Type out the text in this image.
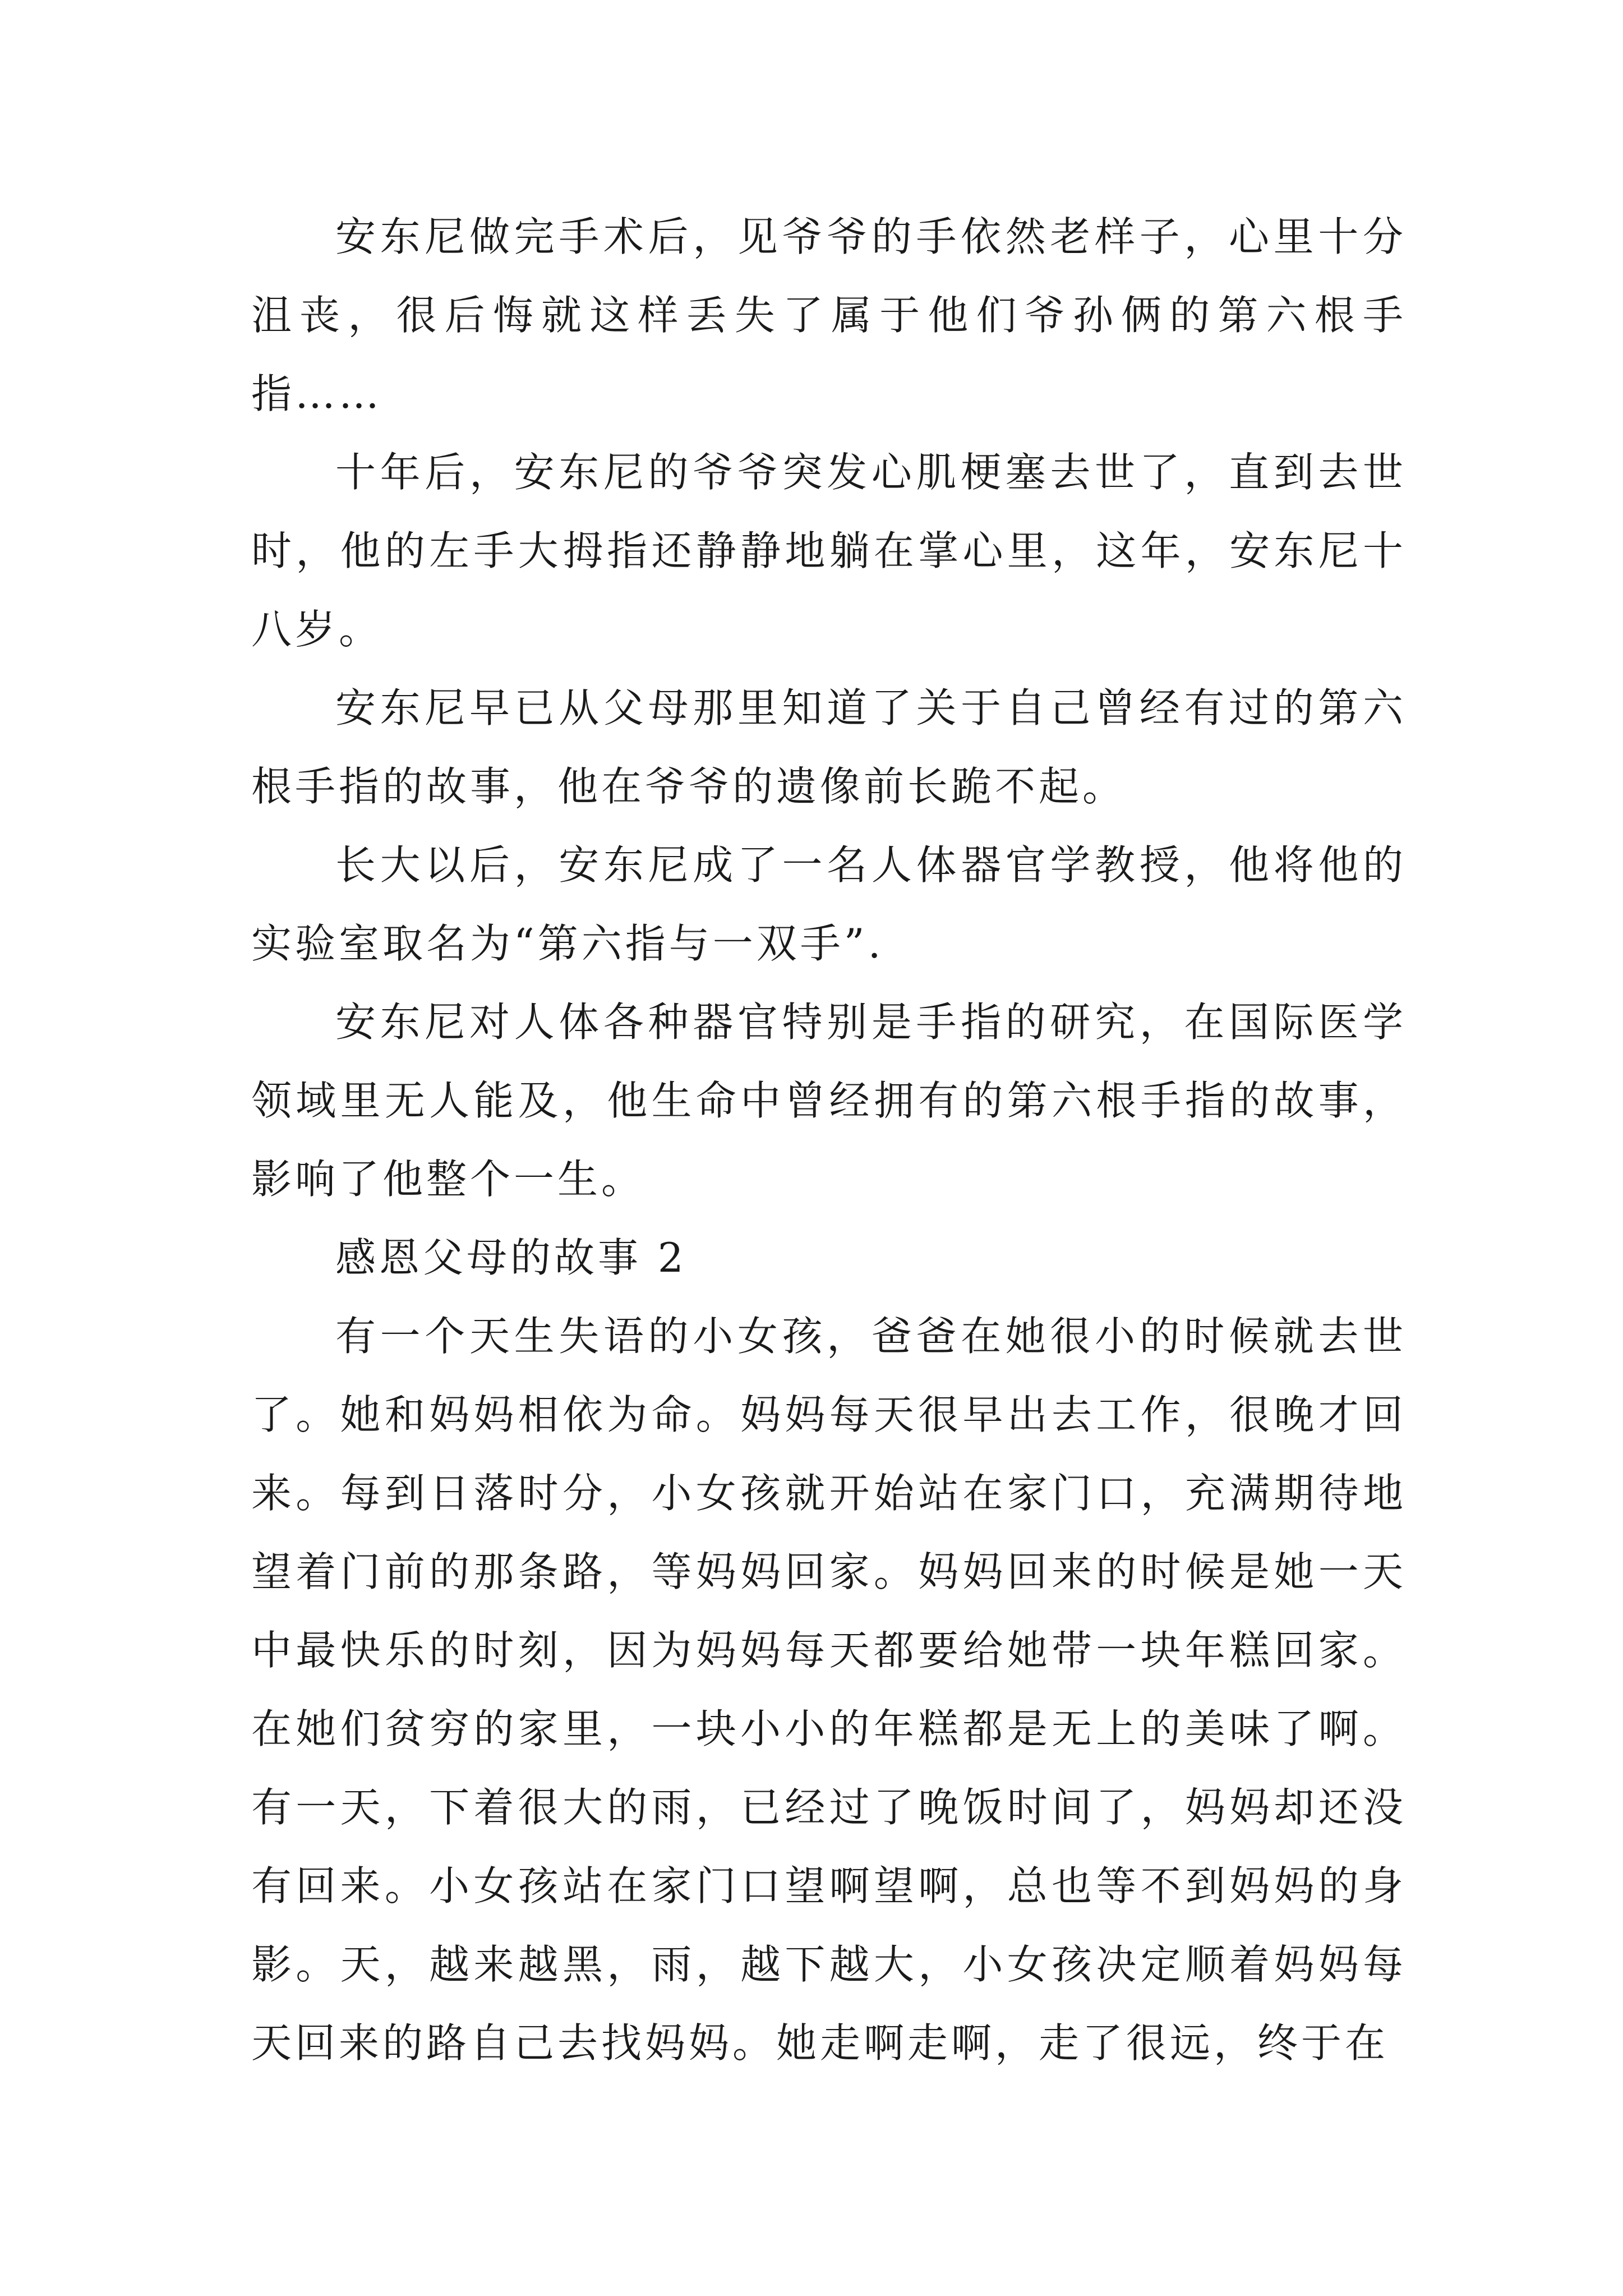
安东尼做完手术后，见爷爷的手依然老样子，心里十分沮丧，很后悔就这样丢失了属于他们爷孙俩的第六根手指……

十年后，安东尼的爷爷突发心肌梗塞去世了，直到去世时，他的左手大拇指还静静地躺在掌心里，这年，安东尼十八岁。

安东尼早已从父母那里知道了关于自己曾经有过的第六根手指的故事，他在爷爷的遗像前长跪不起。

长大以后，安东尼成了一名人体器官学教授，他将他的实验室取名为“第六指与一双手”.

安东尼对人体各种器官特别是手指的研究，在国际医学领域里无人能及，他生命中曾经拥有的第六根手指的故事，影响了他整个一生。

感恩父母的故事 2

有一个天生失语的小女孩，爸爸在她很小的时候就去世了。她和妈妈相依为命。妈妈每天很早出去工作，很晚才回来。每到日落时分，小女孩就开始站在家门口，充满期待地望着门前的那条路，等妈妈回家。妈妈回来的时候是她一天中最快乐的时刻，因为妈妈每天都要给她带一块年糕回家。在她们贫穷的家里，一块小小的年糕都是无上的美味了啊。有一天，下着很大的雨，已经过了晚饭时间了，妈妈却还没有回来。小女孩站在家门口望啊望啊，总也等不到妈妈的身影。天，越来越黑，雨，越下越大，小女孩决定顺着妈妈每天回来的路自己去找妈妈。她走啊走啊，走了很远，终于在
